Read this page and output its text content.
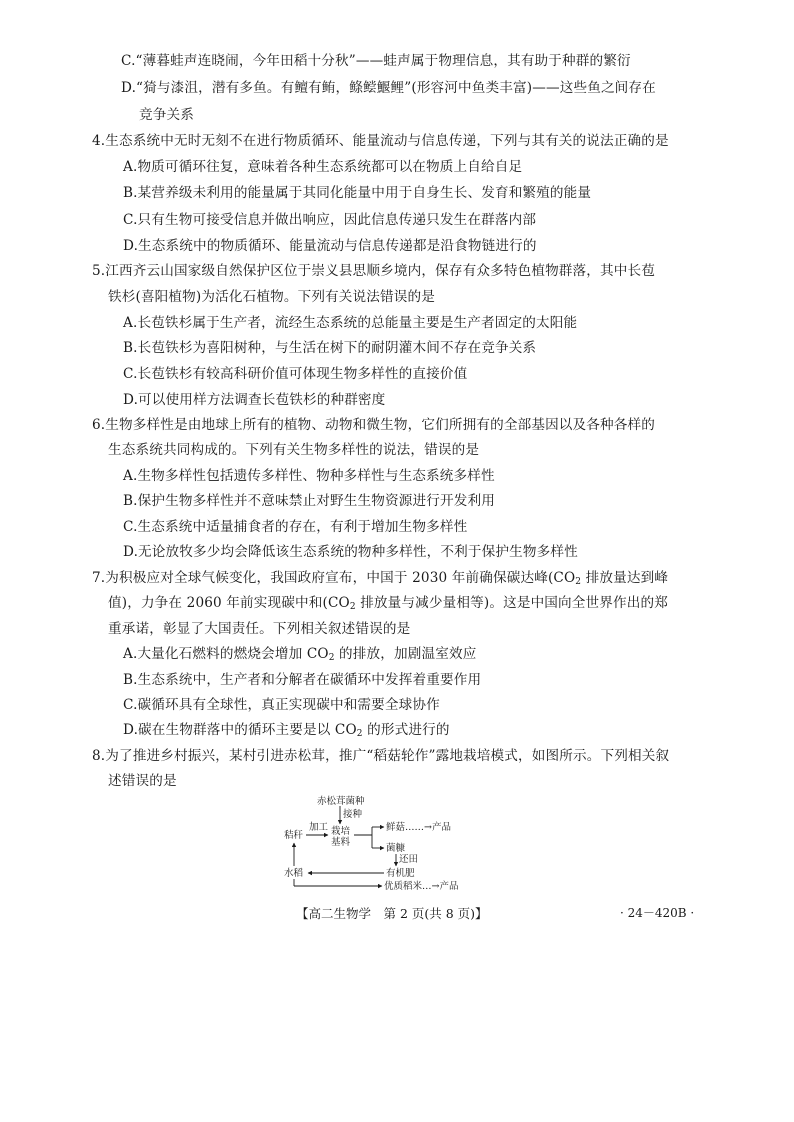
C.“薄暮蛙声连晓闹，今年田稻十分秋”——蛙声属于物理信息，其有助于种群的繁衍
D.“猗与漆沮，潜有多鱼。有鳣有鲔，鲦鲿鰋鲤”(形容河中鱼类丰富)——这些鱼之间存在
竞争关系
4.生态系统中无时无刻不在进行物质循环、能量流动与信息传递，下列与其有关的说法正确的是
A.物质可循环往复，意味着各种生态系统都可以在物质上自给自足
B.某营养级未利用的能量属于其同化能量中用于自身生长、发育和繁殖的能量
C.只有生物可接受信息并做出响应，因此信息传递只发生在群落内部
D.生态系统中的物质循环、能量流动与信息传递都是沿食物链进行的
5.江西齐云山国家级自然保护区位于崇义县思顺乡境内，保存有众多特色植物群落，其中长苞
铁杉(喜阳植物)为活化石植物。下列有关说法错误的是
A.长苞铁杉属于生产者，流经生态系统的总能量主要是生产者固定的太阳能
B.长苞铁杉为喜阳树种，与生活在树下的耐阴灌木间不存在竞争关系
C.长苞铁杉有较高科研价值可体现生物多样性的直接价值
D.可以使用样方法调查长苞铁杉的种群密度
6.生物多样性是由地球上所有的植物、动物和微生物，它们所拥有的全部基因以及各种各样的
生态系统共同构成的。下列有关生物多样性的说法，错误的是
A.生物多样性包括遗传多样性、物种多样性与生态系统多样性
B.保护生物多样性并不意味禁止对野生生物资源进行开发利用
C.生态系统中适量捕食者的存在，有利于增加生物多样性
D.无论放牧多少均会降低该生态系统的物种多样性，不利于保护生物多样性
7.为积极应对全球气候变化，我国政府宣布，中国于 2030 年前确保碳达峰($CO_2$ 排放量达到峰
值)，力争在 2060 年前实现碳中和($CO_2$ 排放量与减少量相等)。这是中国向全世界作出的郑
重承诺，彰显了大国责任。下列相关叙述错误的是
A.大量化石燃料的燃烧会增加 $CO_2$ 的排放，加剧温室效应
B.生态系统中，生产者和分解者在碳循环中发挥着重要作用
C.碳循环具有全球性，真正实现碳中和需要全球协作
D.碳在生物群落中的循环主要是以 $CO_2$ 的形式进行的
8.为了推进乡村振兴，某村引进赤松茸，推广“稻菇轮作”露地栽培模式，如图所示。下列相关叙
述错误的是
赤松茸菌种
接种
秸秆
加工 栽培
基料
鲜菇……→产品
菌糠
还田
有机肥
水稻
优质稻米…→产品
【高二生物学　第 2 页(共 8 页)】	· 24－420B ·
